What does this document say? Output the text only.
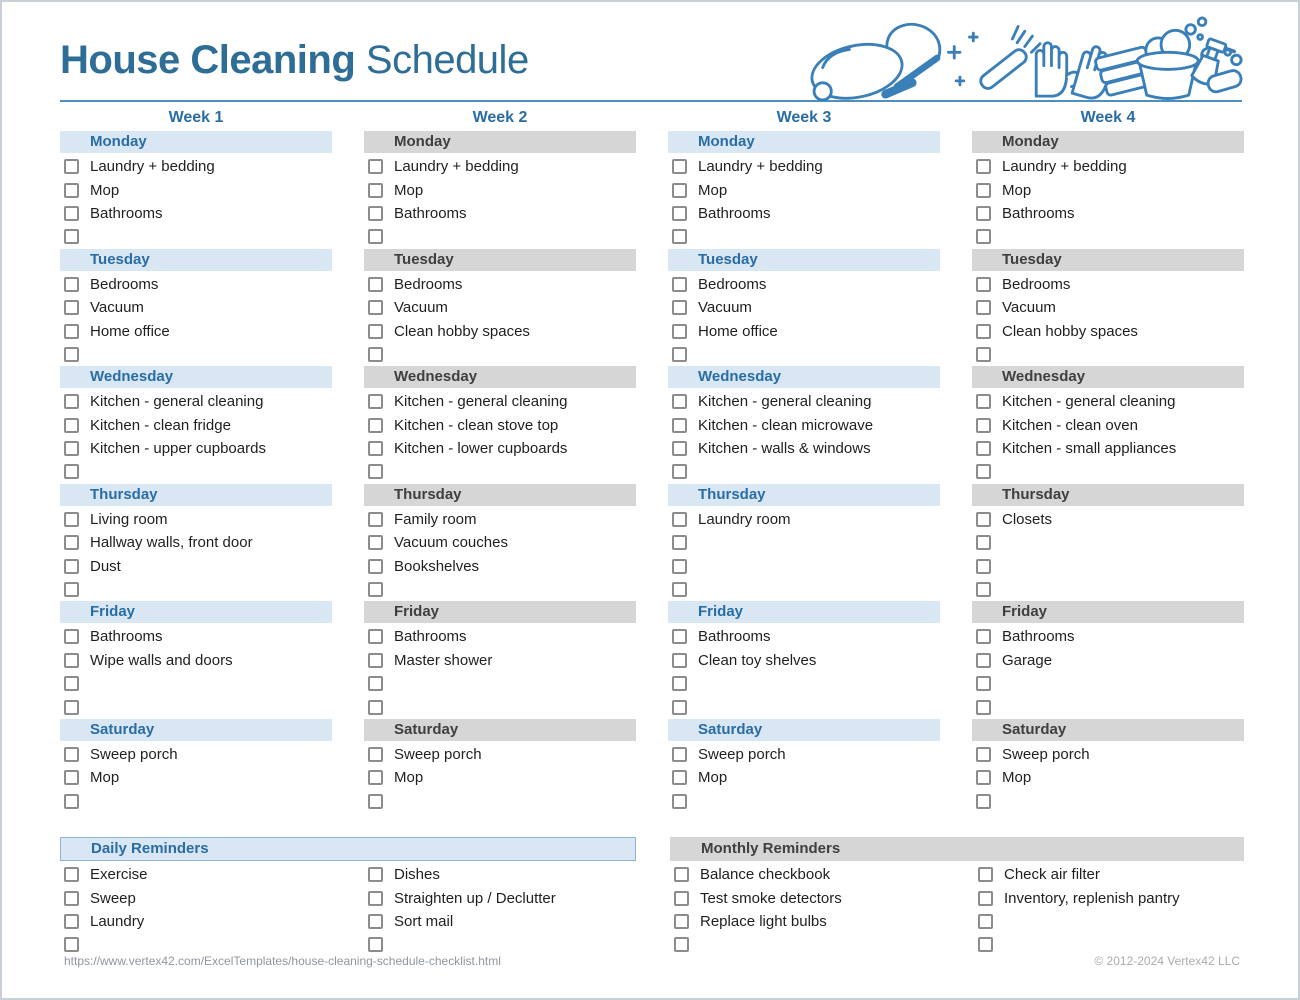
House Cleaning Schedule
Week 1
Monday
Laundry + bedding
Mop
Bathrooms
Tuesday
Bedrooms
Vacuum
Home office
Wednesday
Kitchen - general cleaning
Kitchen - clean fridge
Kitchen - upper cupboards
Thursday
Living room
Hallway walls, front door
Dust
Friday
Bathrooms
Wipe walls and doors
Saturday
Sweep porch
Mop
Week 2
Monday
Laundry + bedding
Mop
Bathrooms
Tuesday
Bedrooms
Vacuum
Clean hobby spaces
Wednesday
Kitchen - general cleaning
Kitchen - clean stove top
Kitchen - lower cupboards
Thursday
Family room
Vacuum couches
Bookshelves
Friday
Bathrooms
Master shower
Saturday
Sweep porch
Mop
Week 3
Monday
Laundry + bedding
Mop
Bathrooms
Tuesday
Bedrooms
Vacuum
Home office
Wednesday
Kitchen - general cleaning
Kitchen - clean microwave
Kitchen - walls & windows
Thursday
Laundry room
Friday
Bathrooms
Clean toy shelves
Saturday
Sweep porch
Mop
Week 4
Monday
Laundry + bedding
Mop
Bathrooms
Tuesday
Bedrooms
Vacuum
Clean hobby spaces
Wednesday
Kitchen - general cleaning
Kitchen - clean oven
Kitchen - small appliances
Thursday
Closets
Friday
Bathrooms
Garage
Saturday
Sweep porch
Mop
Daily Reminders
Exercise	Dishes
Sweep	Straighten up / Declutter
Laundry	Sort mail
Monthly Reminders
Balance checkbook	Check air filter
Test smoke detectors	Inventory, replenish pantry
Replace light bulbs
https://www.vertex42.com/ExcelTemplates/house-cleaning-schedule-checklist.html	© 2012-2024 Vertex42 LLC
